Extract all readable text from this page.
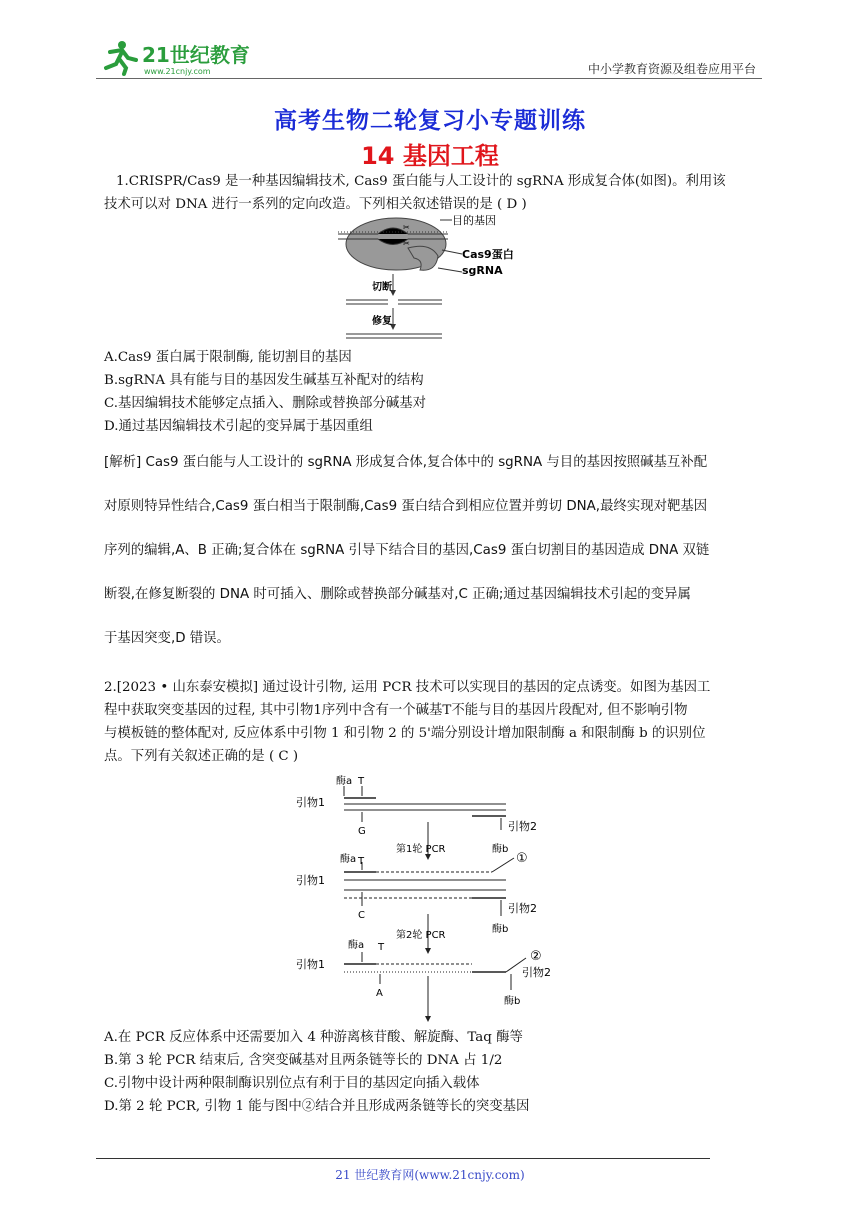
21世纪教育
www.21cnjy.com	中小学教育资源及组卷应用平台
高考生物二轮复习小专题训练
14 基因工程
1.CRISPR/Cas9 是一种基因编辑技术, Cas9 蛋白能与人工设计的 sgRNA 形成复合体(如图)。利用该
技术可以对 DNA 进行一系列的定向改造。下列相关叙述错误的是 ( D )
✂
✂
目的基因
Cas9蛋白
sgRNA
切断
修复
A.Cas9 蛋白属于限制酶, 能切割目的基因
B.sgRNA 具有能与目的基因发生碱基互补配对的结构
C.基因编辑技术能够定点插入、删除或替换部分碱基对
D.通过基因编辑技术引起的变异属于基因重组
[解析] Cas9 蛋白能与人工设计的 sgRNA 形成复合体,复合体中的 sgRNA 与目的基因按照碱基互补配
对原则特异性结合,Cas9 蛋白相当于限制酶,Cas9 蛋白结合到相应位置并剪切 DNA,最终实现对靶基因
序列的编辑,A、B 正确;复合体在 sgRNA 引导下结合目的基因,Cas9 蛋白切割目的基因造成 DNA 双链
断裂,在修复断裂的 DNA 时可插入、删除或替换部分碱基对,C 正确;通过基因编辑技术引起的变异属
于基因突变,D 错误。
2.[2023 • 山东泰安模拟] 通过设计引物, 运用 PCR 技术可以实现目的基因的定点诱变。如图为基因工
程中获取突变基因的过程, 其中引物1序列中含有一个碱基T不能与目的基因片段配对, 但不影响引物
与模板链的整体配对, 反应体系中引物 1 和引物 2 的 5'端分别设计增加限制酶 a 和限制酶 b 的识别位
点。下列有关叙述正确的是 ( C )
引物1
酶a T
G	引物2
酶b
第1轮 PCR
引物1
酶a T	①
C
引物2
酶b
第2轮 PCR
引物1
酶a T
A
②
引物2
酶b
A.在 PCR 反应体系中还需要加入 4 种游离核苷酸、解旋酶、Taq 酶等
B.第 3 轮 PCR 结束后, 含突变碱基对且两条链等长的 DNA 占 1/2
C.引物中设计两种限制酶识别位点有利于目的基因定向插入载体
D.第 2 轮 PCR, 引物 1 能与图中②结合并且形成两条链等长的突变基因
21 世纪教育网(www.21cnjy.com)
